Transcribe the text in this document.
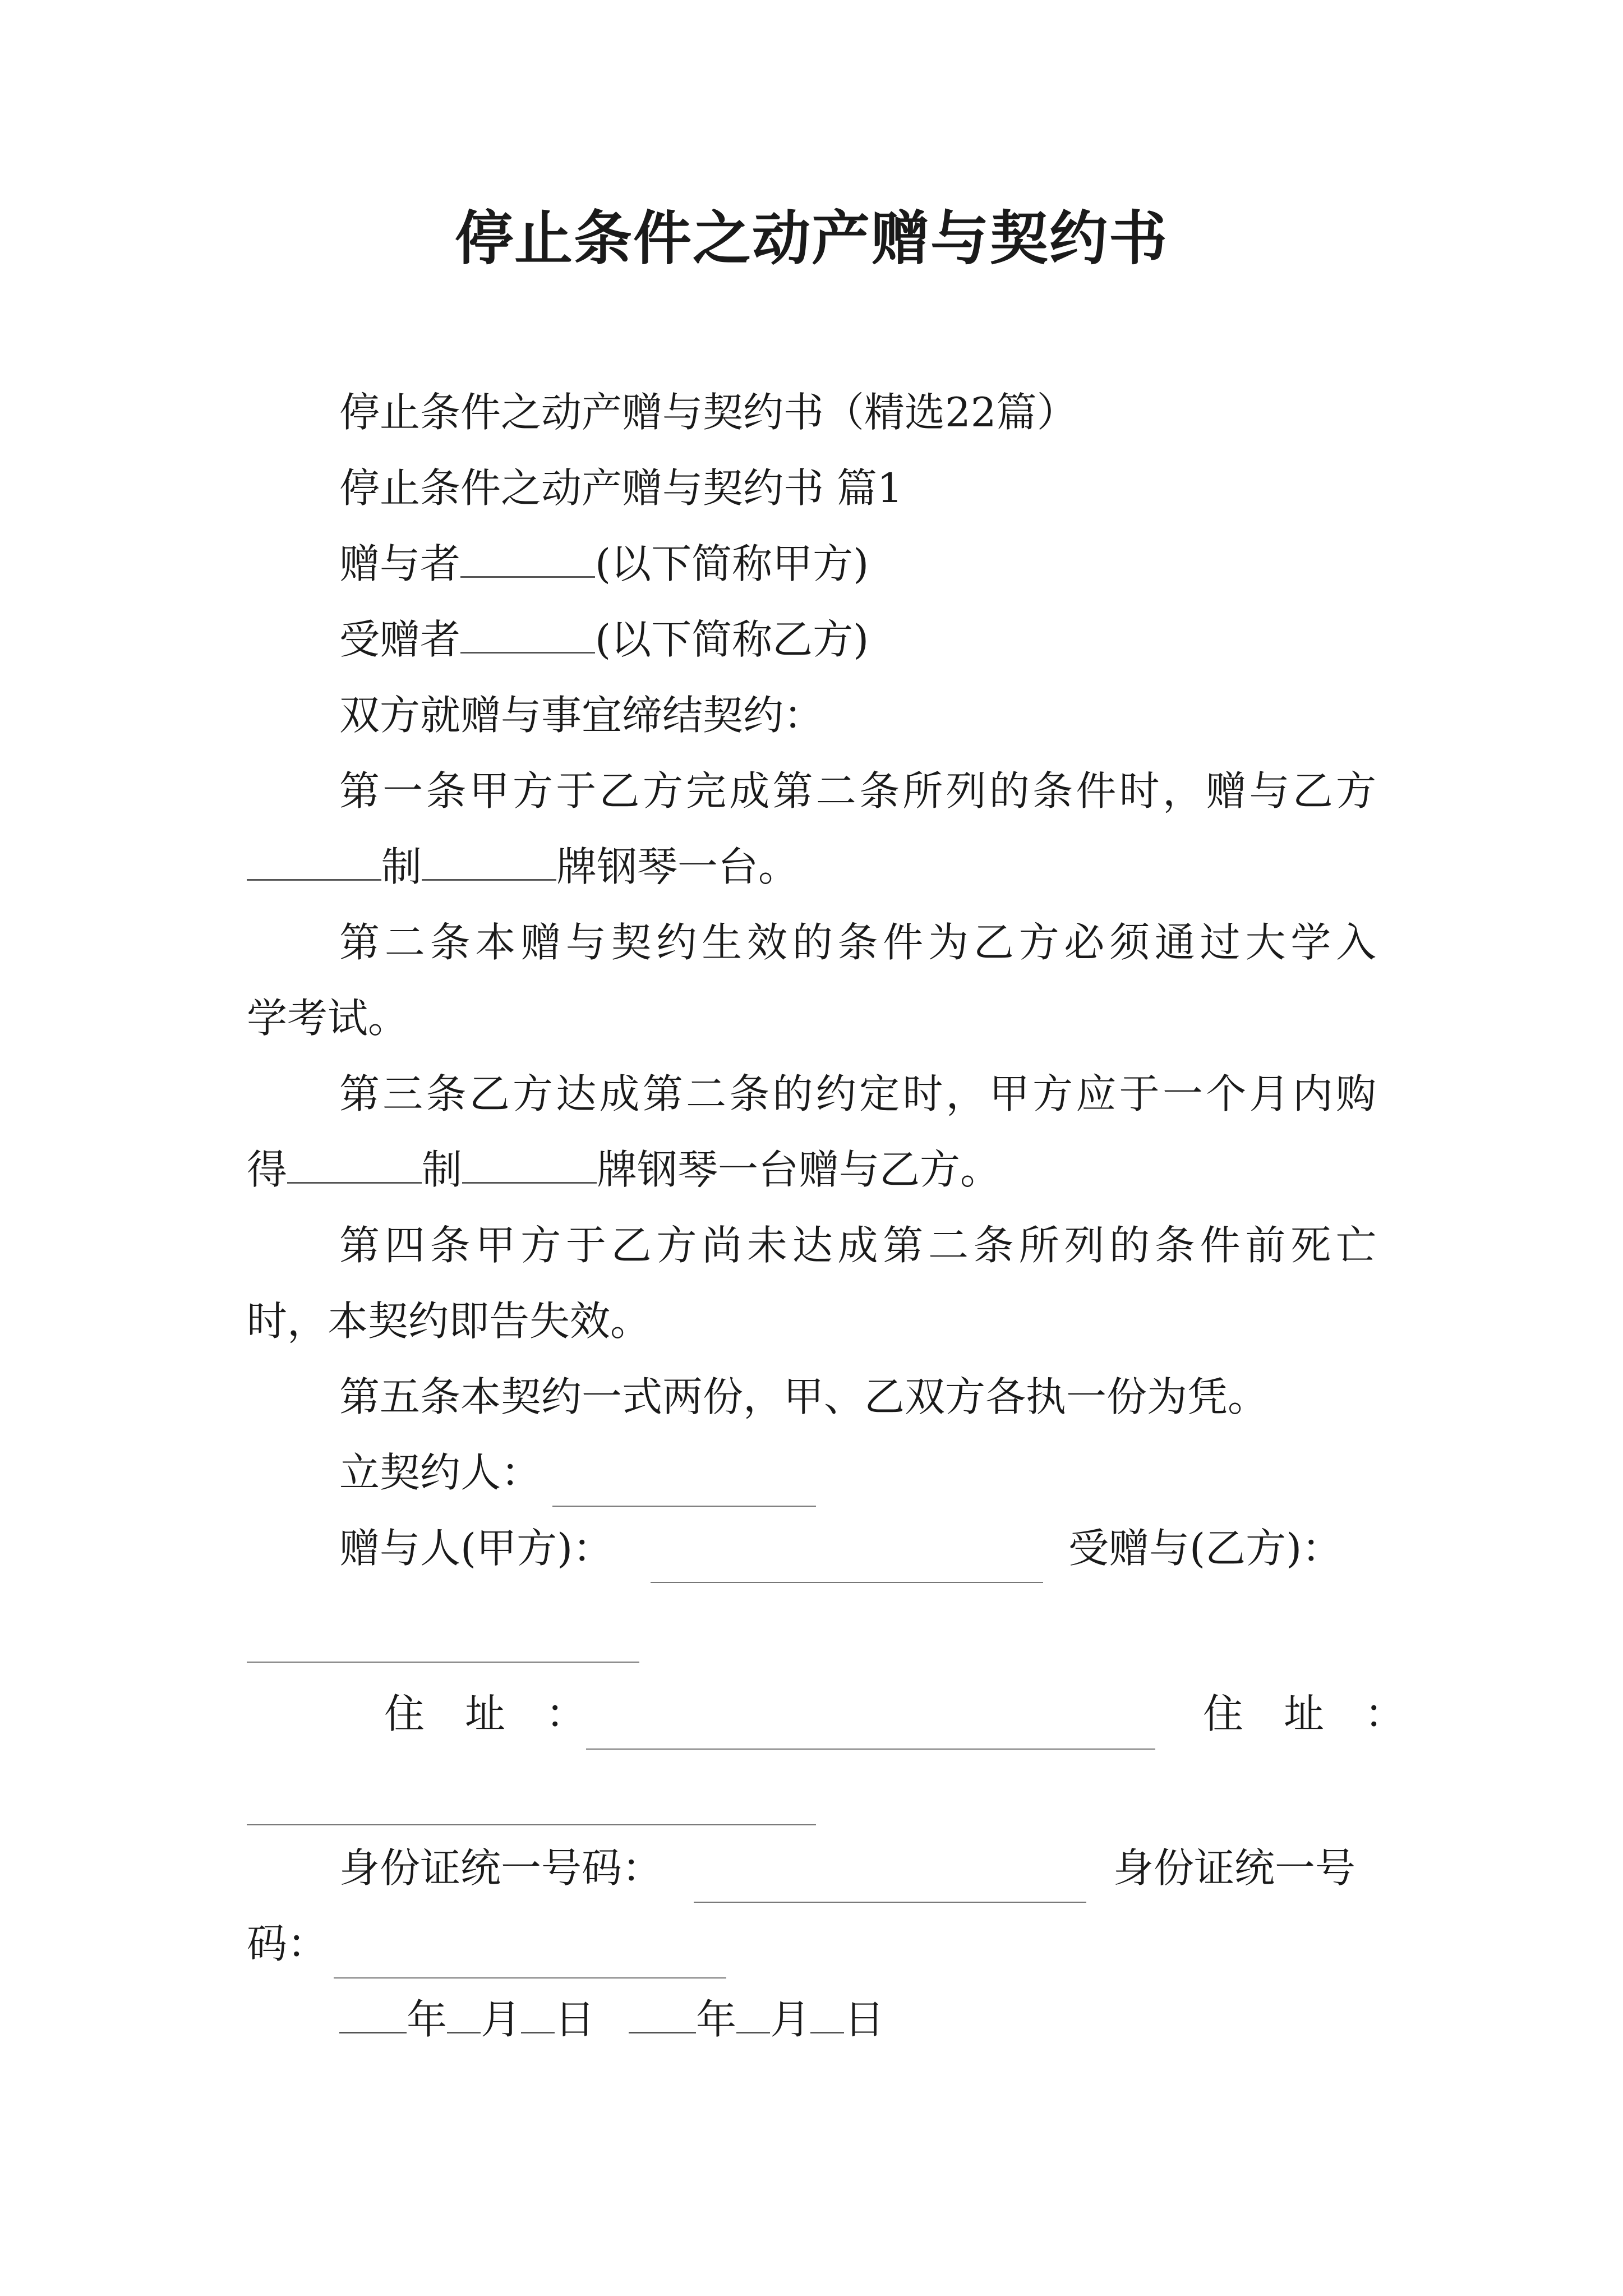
停止条件之动产赠与契约书
停止条件之动产赠与契约书（精选22篇）
停止条件之动产赠与契约书 篇1
赠与者	(以下简称甲方)
受赠者	(以下简称乙方)
双方就赠与事宜缔结契约：
第一条甲方于乙方完成第二条所列的条件时，赠与乙方
制	牌钢琴一台。
第二条本赠与契约生效的条件为乙方必须通过大学入
学考试。
第三条乙方达成第二条的约定时，甲方应于一个月内购
得	制	牌钢琴一台赠与乙方。
第四条甲方于乙方尚未达成第二条所列的条件前死亡
时，本契约即告失效。
第五条本契约一式两份，甲、乙双方各执一份为凭。
立契约人：
赠与人(甲方)：	受赠与(乙方)：
住　址　：	住　址　：
身份证统一号码：	身份证统一号
码：
年 月 日	年 月 日
